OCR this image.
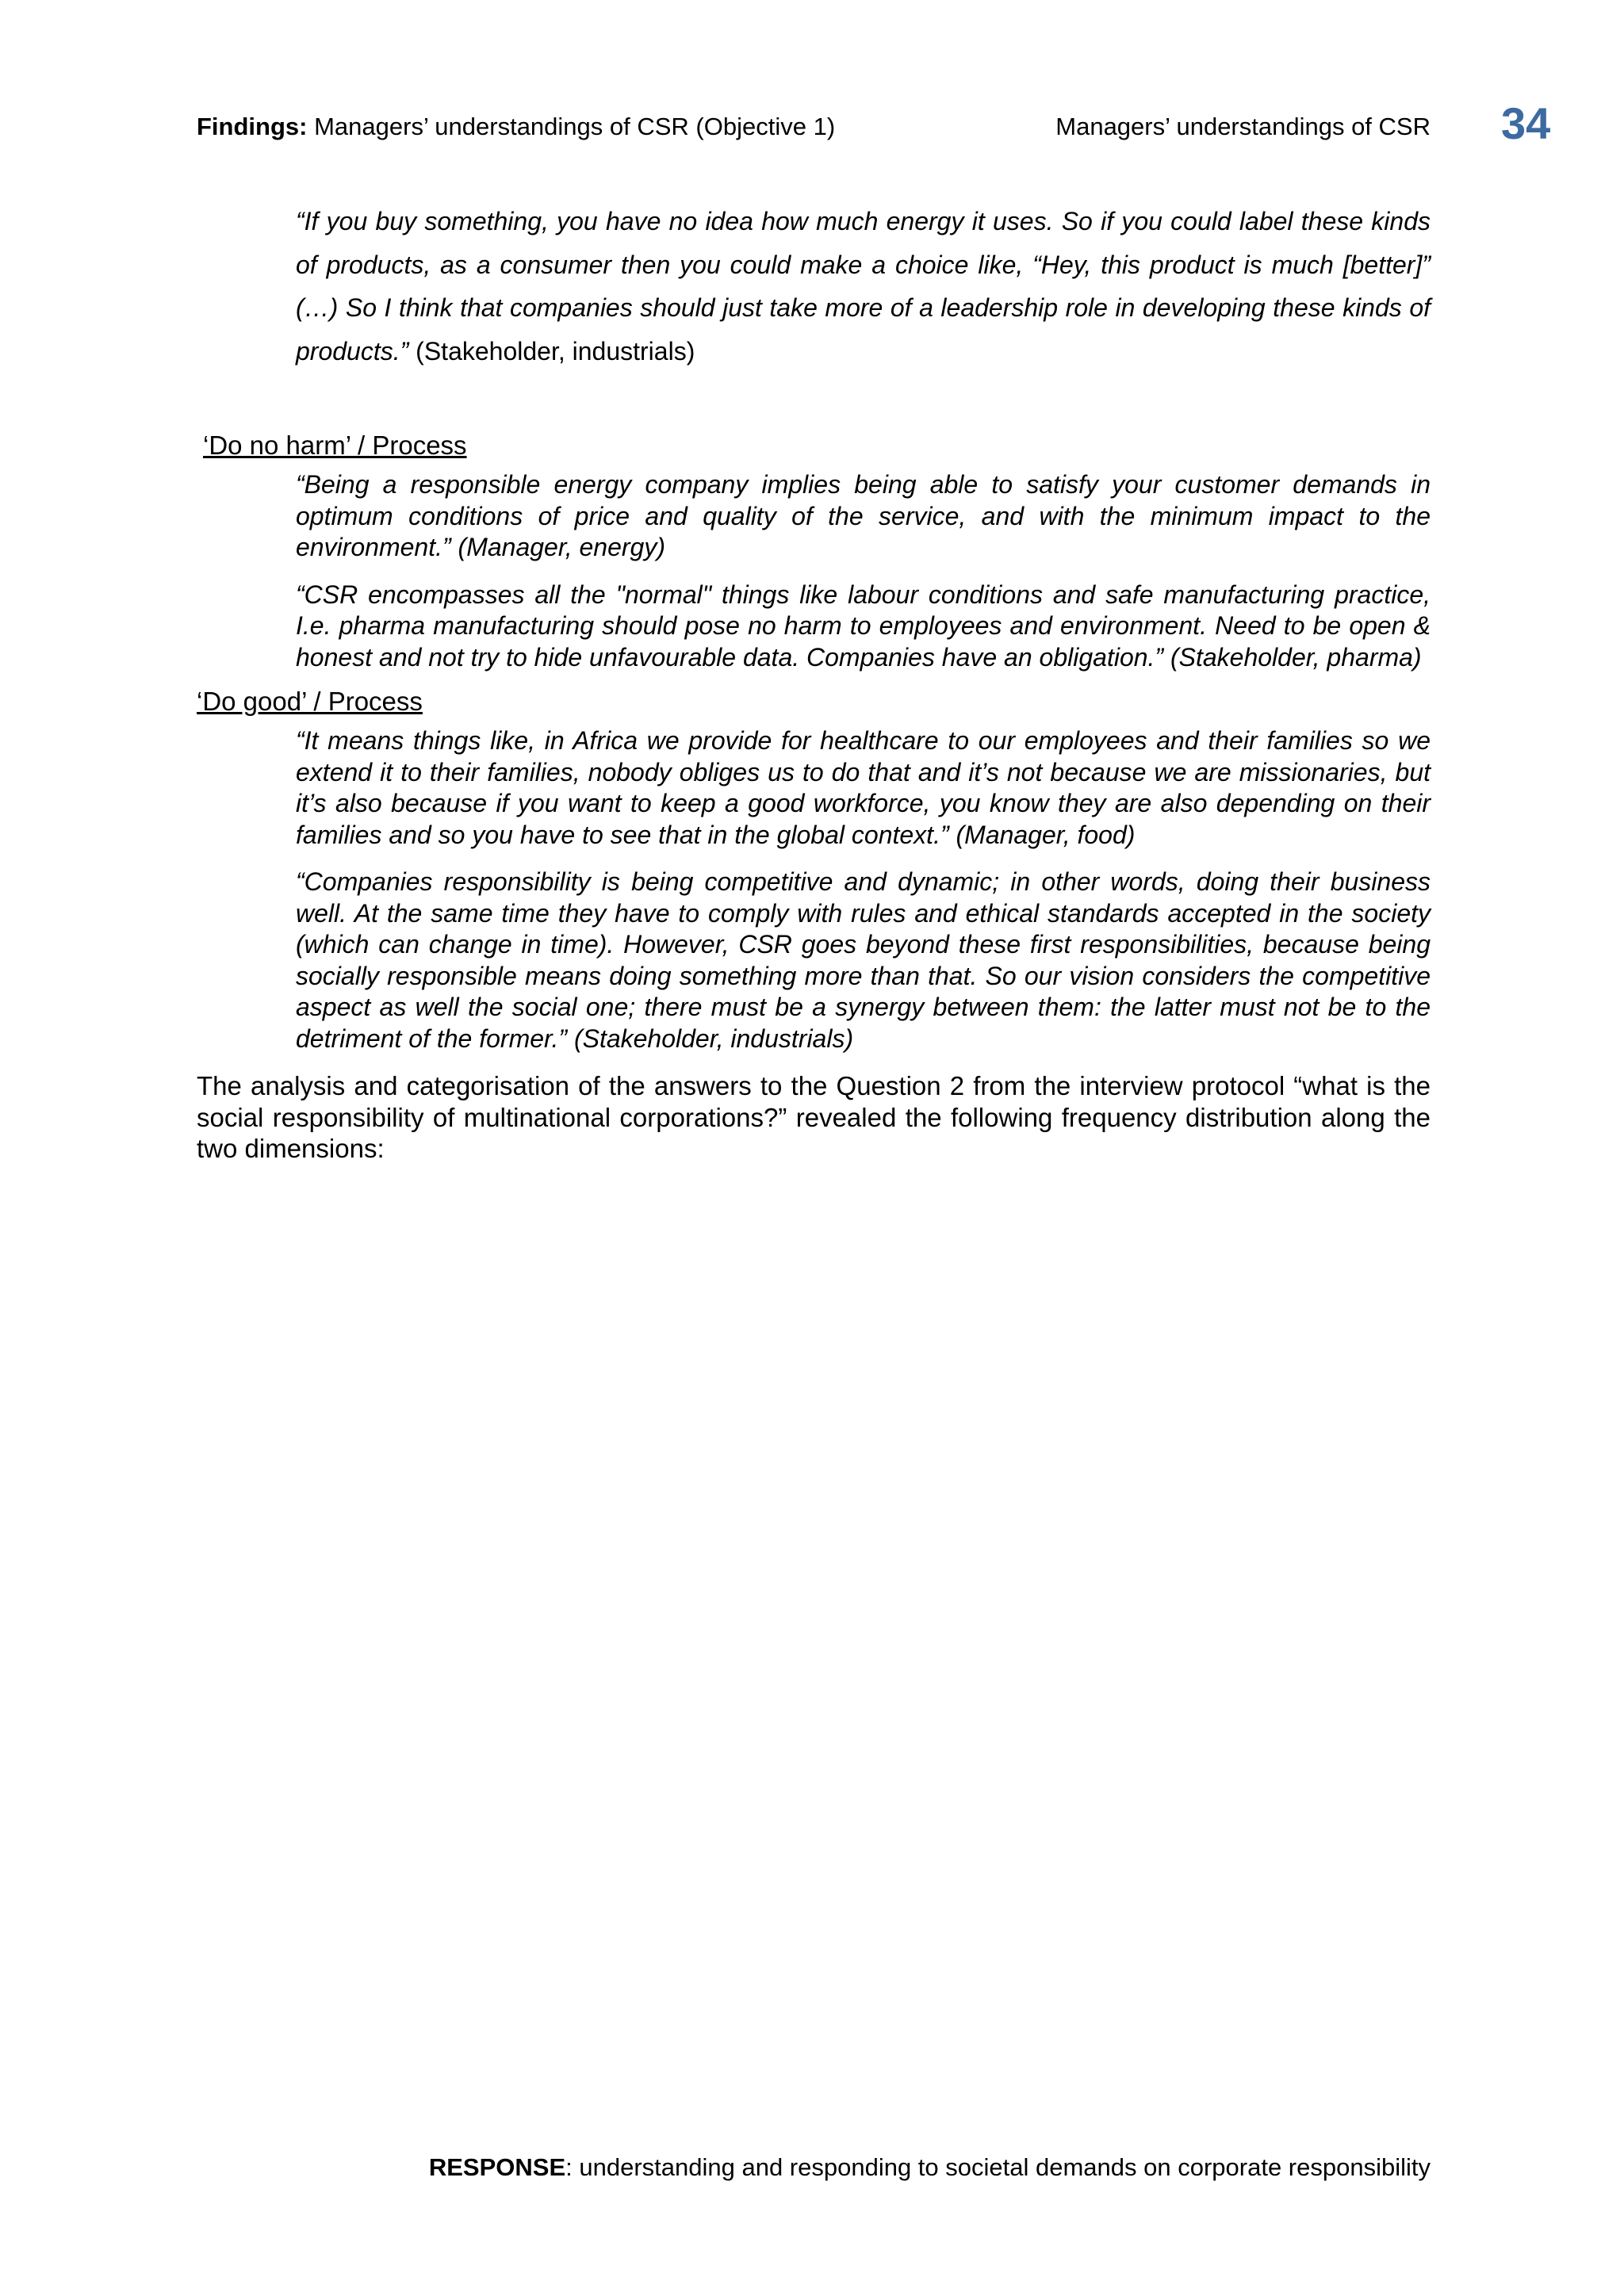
Findings: Managers’ understandings of CSR (Objective 1)	Managers’ understandings of CSR 34

“If you buy something, you have no idea how much energy it uses. So if you could label these kinds of products, as a consumer then you could make a choice like, “Hey, this product is much [better]” (…) So I think that companies should just take more of a leadership role in developing these kinds of products.” (Stakeholder, industrials)

‘Do no harm’ / Process

“Being a responsible energy company implies being able to satisfy your customer demands in optimum conditions of price and quality of the service, and with the minimum impact to the environment.” (Manager, energy)

“CSR encompasses all the "normal" things like labour conditions and safe manufacturing practice, I.e. pharma manufacturing should pose no harm to employees and environment. Need to be open & honest and not try to hide unfavourable data. Companies have an obligation.” (Stakeholder, pharma)

‘Do good’ / Process

“It means things like, in Africa we provide for healthcare to our employees and their families so we extend it to their families, nobody obliges us to do that and it’s not because we are missionaries, but it’s also because if you want to keep a good workforce, you know they are also depending on their families and so you have to see that in the global context.” (Manager, food)

“Companies responsibility is being competitive and dynamic; in other words, doing their business well. At the same time they have to comply with rules and ethical standards accepted in the society (which can change in time). However, CSR goes beyond these first responsibilities, because being socially responsible means doing something more than that. So our vision considers the competitive aspect as well the social one; there must be a synergy between them: the latter must not be to the detriment of the former.” (Stakeholder, industrials)

The analysis and categorisation of the answers to the Question 2 from the interview protocol “what is the social responsibility of multinational corporations?” revealed the following frequency distribution along the two dimensions:

RESPONSE: understanding and responding to societal demands on corporate responsibility
